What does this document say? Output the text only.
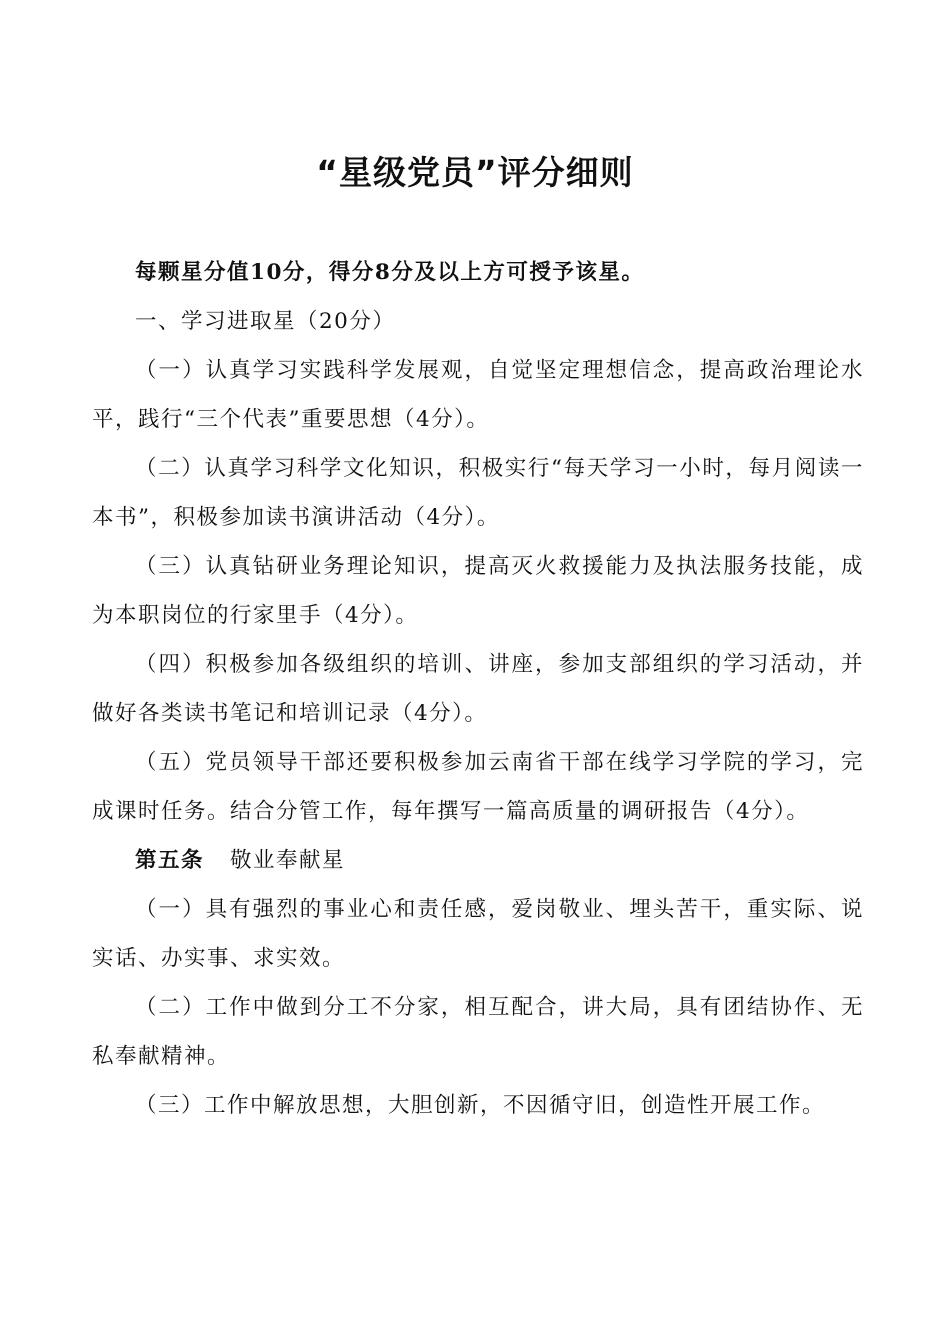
“星级党员”评分细则

每颗星分值10分，得分8分及以上方可授予该星。

一、学习进取星（20分）

（一）认真学习实践科学发展观，自觉坚定理想信念，提高政治理论水平，践行“三个代表”重要思想（4分）。

（二）认真学习科学文化知识，积极实行“每天学习一小时，每月阅读一本书”，积极参加读书演讲活动（4分）。

（三）认真钻研业务理论知识，提高灭火救援能力及执法服务技能，成为本职岗位的行家里手（4分）。

（四）积极参加各级组织的培训、讲座，参加支部组织的学习活动，并做好各类读书笔记和培训记录（4分）。

（五）党员领导干部还要积极参加云南省干部在线学习学院的学习，完成课时任务。结合分管工作，每年撰写一篇高质量的调研报告（4分）。

第五条 敬业奉献星

（一）具有强烈的事业心和责任感，爱岗敬业、埋头苦干，重实际、说实话、办实事、求实效。

（二）工作中做到分工不分家，相互配合，讲大局，具有团结协作、无私奉献精神。

（三）工作中解放思想，大胆创新，不因循守旧，创造性开展工作。
